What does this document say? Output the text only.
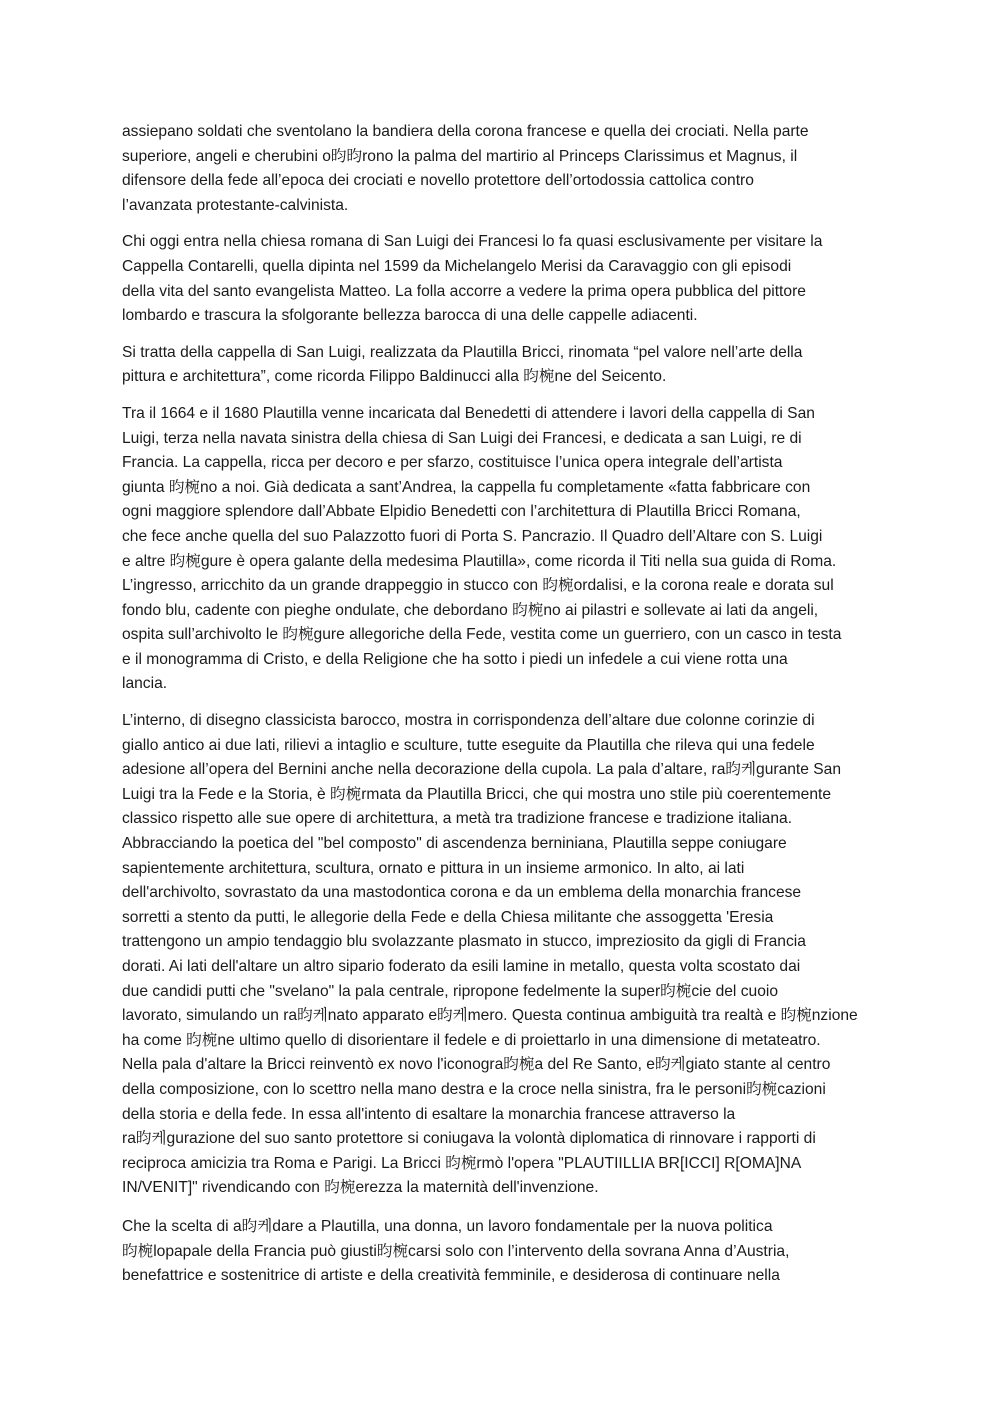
assiepano soldati che sventolano la bandiera della corona francese e quella dei crociati. Nella parte
superiore, angeli e cherubini o昀昀rono la palma del martirio al Princeps Clarissimus et Magnus, il
difensore della fede all’epoca dei crociati e novello protettore dell’ortodossia cattolica contro
l’avanzata protestante-calvinista.
Chi oggi entra nella chiesa romana di San Luigi dei Francesi lo fa quasi esclusivamente per visitare la
Cappella Contarelli, quella dipinta nel 1599 da Michelangelo Merisi da Caravaggio con gli episodi
della vita del santo evangelista Matteo. La folla accorre a vedere la prima opera pubblica del pittore
lombardo e trascura la sfolgorante bellezza barocca di una delle cappelle adiacenti.
Si tratta della cappella di San Luigi, realizzata da Plautilla Bricci, rinomata “pel valore nell’arte della
pittura e architettura”, come ricorda Filippo Baldinucci alla 昀椀ne del Seicento.
Tra il 1664 e il 1680 Plautilla venne incaricata dal Benedetti di attendere i lavori della cappella di San
Luigi, terza nella navata sinistra della chiesa di San Luigi dei Francesi, e dedicata a san Luigi, re di
Francia. La cappella, ricca per decoro e per sfarzo, costituisce l’unica opera integrale dell’artista
giunta 昀椀no a noi. Già dedicata a sant’Andrea, la cappella fu completamente «fatta fabbricare con
ogni maggiore splendore dall’Abbate Elpidio Benedetti con l’architettura di Plautilla Bricci Romana,
che fece anche quella del suo Palazzotto fuori di Porta S. Pancrazio. Il Quadro dell’Altare con S. Luigi
e altre 昀椀gure è opera galante della medesima Plautilla», come ricorda il Titi nella sua guida di Roma.
L’ingresso, arricchito da un grande drappeggio in stucco con 昀椀ordalisi, e la corona reale e dorata sul
fondo blu, cadente con pieghe ondulate, che debordano 昀椀no ai pilastri e sollevate ai lati da angeli,
ospita sull’archivolto le 昀椀gure allegoriche della Fede, vestita come un guerriero, con un casco in testa
e il monogramma di Cristo, e della Religione che ha sotto i piedi un infedele a cui viene rotta una
lancia.
L’interno, di disegno classicista barocco, mostra in corrispondenza dell’altare due colonne corinzie di
giallo antico ai due lati, rilievi a intaglio e sculture, tutte eseguite da Plautilla che rileva qui una fedele
adesione all’opera del Bernini anche nella decorazione della cupola. La pala d’altare, ra昀케gurante San
Luigi tra la Fede e la Storia, è 昀椀rmata da Plautilla Bricci, che qui mostra uno stile più coerentemente
classico rispetto alle sue opere di architettura, a metà tra tradizione francese e tradizione italiana.
Abbracciando la poetica del "bel composto" di ascendenza berniniana, Plautilla seppe coniugare
sapientemente architettura, scultura, ornato e pittura in un insieme armonico. In alto, ai lati
dell'archivolto, sovrastato da una mastodontica corona e da un emblema della monarchia francese
sorretti a stento da putti, le allegorie della Fede e della Chiesa militante che assoggetta 'Eresia
trattengono un ampio tendaggio blu svolazzante plasmato in stucco, impreziosito da gigli di Francia
dorati. Ai lati dell'altare un altro sipario foderato da esili lamine in metallo, questa volta scostato dai
due candidi putti che "svelano" la pala centrale, ripropone fedelmente la super昀椀cie del cuoio
lavorato, simulando un ra昀케nato apparato e昀케mero. Questa continua ambiguità tra realtà e 昀椀nzione
ha come 昀椀ne ultimo quello di disorientare il fedele e di proiettarlo in una dimensione di metateatro.
Nella pala d'altare la Bricci reinventò ex novo l'iconogra昀椀a del Re Santo, e昀케giato stante al centro
della composizione, con lo scettro nella mano destra e la croce nella sinistra, fra le personi昀椀cazioni
della storia e della fede. In essa all'intento di esaltare la monarchia francese attraverso la
ra昀케gurazione del suo santo protettore si coniugava la volontà diplomatica di rinnovare i rapporti di
reciproca amicizia tra Roma e Parigi. La Bricci 昀椀rmò l'opera "PLAUTIILLIA BR[ICCI] R[OMA]NA
IN/VENIT]" rivendicando con 昀椀erezza la maternità dell'invenzione.
Che la scelta di a昀케dare a Plautilla, una donna, un lavoro fondamentale per la nuova politica
昀椀lopapale della Francia può giusti昀椀carsi solo con l’intervento della sovrana Anna d’Austria,
benefattrice e sostenitrice di artiste e della creatività femminile, e desiderosa di continuare nella
